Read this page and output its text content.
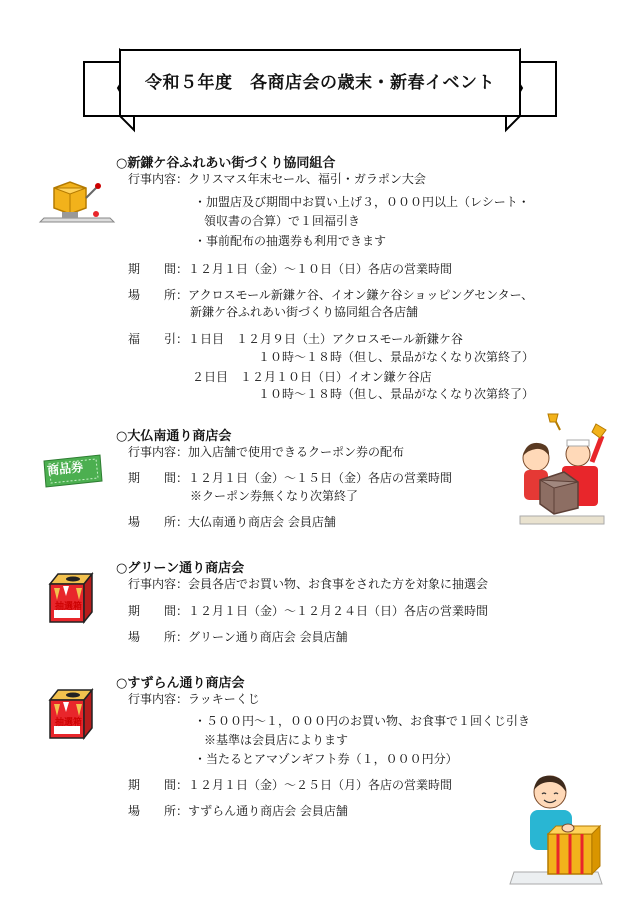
令和５年度　各商店会の歳末・新春イベント
○新鎌ケ谷ふれあい街づくり協同組合
行事内容：クリスマス年末セール、福引・ガラポン大会
・加盟店及び期間中お買い上げ３，０００円以上（レシート・
領収書の合算）で１回福引き
・事前配布の抽選券も利用できます
期　　間：１２月１日（金）～１０日（日）各店の営業時間
場　　所：アクロスモール新鎌ケ谷、イオン鎌ケ谷ショッピングセンター、
新鎌ケ谷ふれあい街づくり協同組合各店舗
福　　引：１日目　１２月９日（土）アクロスモール新鎌ケ谷
１０時～１８時（但し、景品がなくなり次第終了）
２日目　１２月１０日（日）イオン鎌ケ谷店
１０時～１８時（但し、景品がなくなり次第終了）
○大仏南通り商店会
行事内容：加入店舗で使用できるクーポン券の配布
期　　間：１２月１日（金）～１５日（金）各店の営業時間
※クーポン券無くなり次第終了
場　　所：大仏南通り商店会 会員店舗
○グリーン通り商店会
行事内容：会員各店でお買い物、お食事をされた方を対象に抽選会
期　　間：１２月１日（金）～１２月２４日（日）各店の営業時間
場　　所：グリーン通り商店会 会員店舗
○すずらん通り商店会
行事内容：ラッキーくじ
・５００円～１，０００円のお買い物、お食事で１回くじ引き
※基準は会員店によります
・当たるとアマゾンギフト券（１，０００円分）
期　　間：１２月１日（金）～２５日（月）各店の営業時間
場　　所：すずらん通り商店会 会員店舗
商品券
抽選箱
抽選箱
